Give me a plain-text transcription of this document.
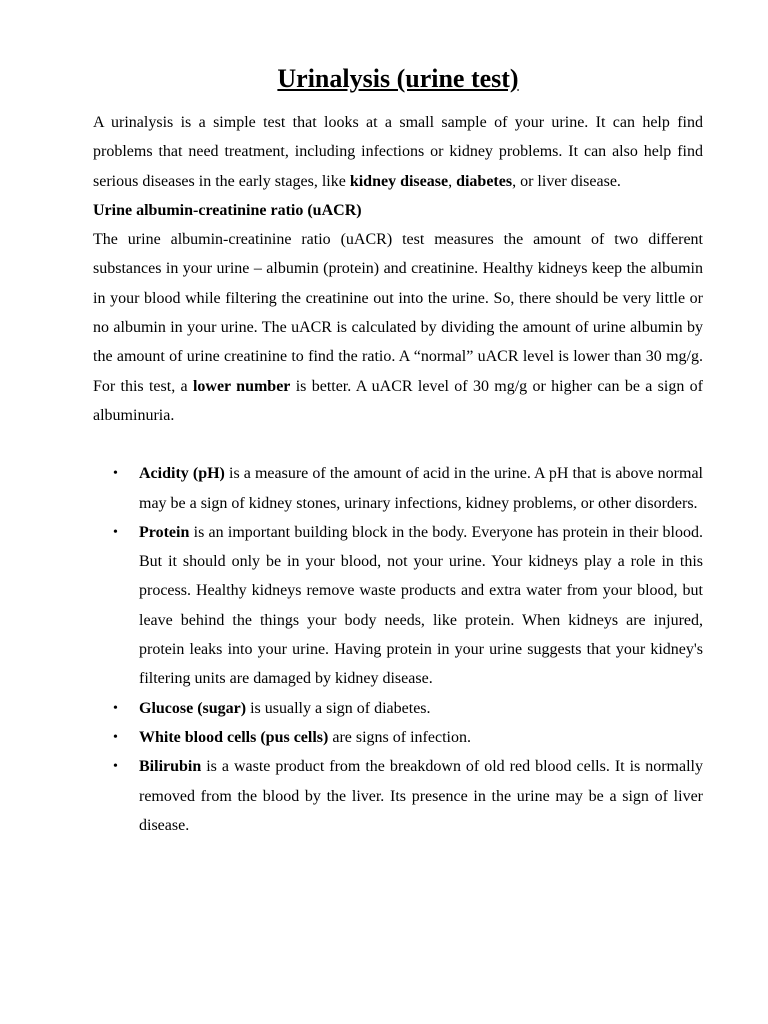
Urinalysis (urine test)

A urinalysis is a simple test that looks at a small sample of your urine. It can help find problems that need treatment, including infections or kidney problems. It can also help find serious diseases in the early stages, like kidney disease, diabetes, or liver disease.

Urine albumin-creatinine ratio (uACR)

The urine albumin-creatinine ratio (uACR) test measures the amount of two different substances in your urine – albumin (protein) and creatinine. Healthy kidneys keep the albumin in your blood while filtering the creatinine out into the urine. So, there should be very little or no albumin in your urine. The uACR is calculated by dividing the amount of urine albumin by the amount of urine creatinine to find the ratio. A “normal” uACR level is lower than 30 mg/g. For this test, a lower number is better. A uACR level of 30 mg/g or higher can be a sign of albuminuria.

• Acidity (pH) is a measure of the amount of acid in the urine. A pH that is above normal may be a sign of kidney stones, urinary infections, kidney problems, or other disorders.
• Protein is an important building block in the body. Everyone has protein in their blood. But it should only be in your blood, not your urine. Your kidneys play a role in this process. Healthy kidneys remove waste products and extra water from your blood, but leave behind the things your body needs, like protein. When kidneys are injured, protein leaks into your urine. Having protein in your urine suggests that your kidney's filtering units are damaged by kidney disease.
• Glucose (sugar) is usually a sign of diabetes.
• White blood cells (pus cells) are signs of infection.
• Bilirubin is a waste product from the breakdown of old red blood cells. It is normally removed from the blood by the liver. Its presence in the urine may be a sign of liver disease.
